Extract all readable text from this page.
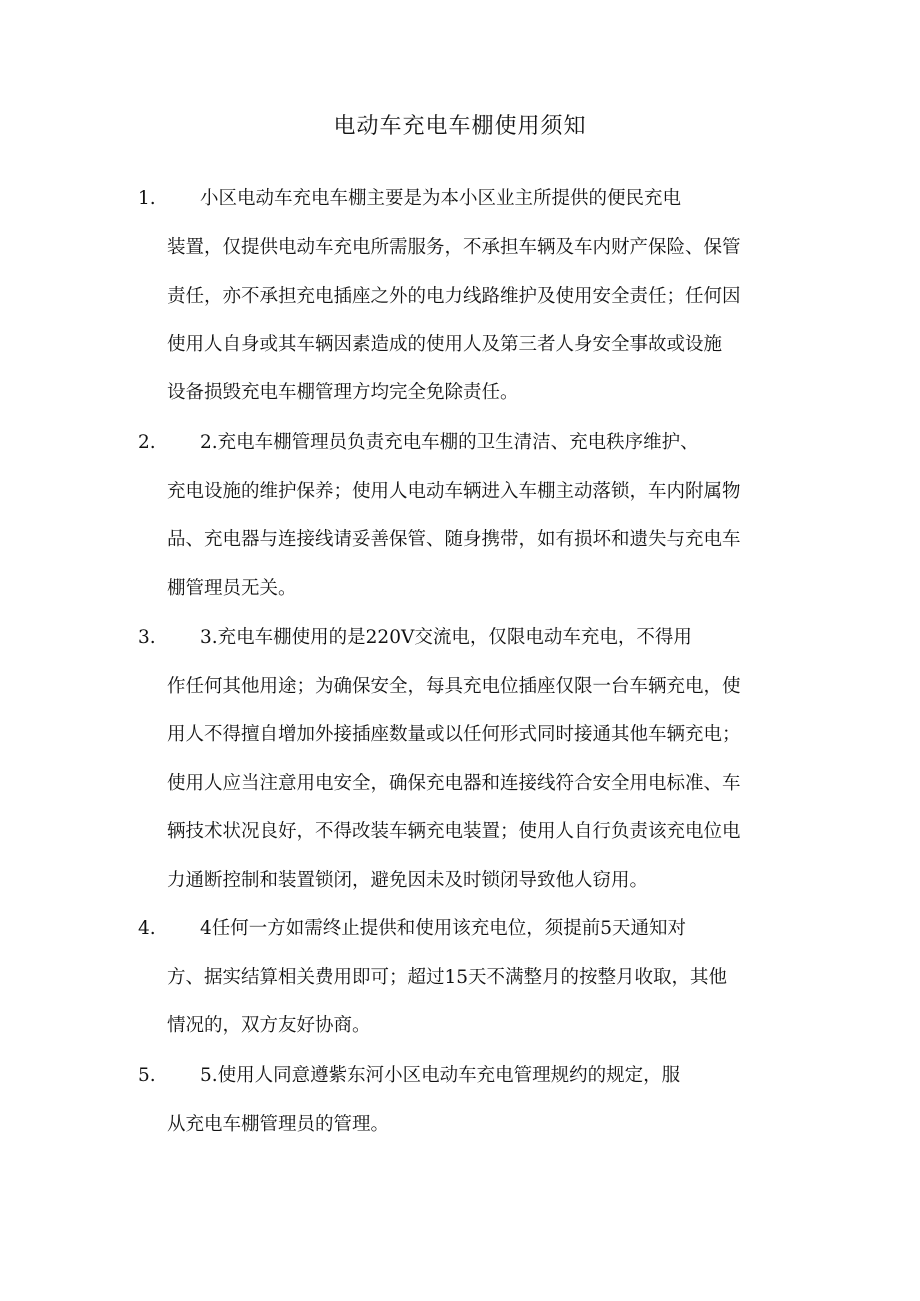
电动车充电车棚使用须知
1. 小区电动车充电车棚主要是为本小区业主所提供的便民充电
装置，仅提供电动车充电所需服务，不承担车辆及车内财产保险、保管
责任，亦不承担充电插座之外的电力线路维护及使用安全责任；任何因
使用人自身或其车辆因素造成的使用人及第三者人身安全事故或设施
设备损毁充电车棚管理方均完全免除责任。
2. 2.充电车棚管理员负责充电车棚的卫生清洁、充电秩序维护、
充电设施的维护保养；使用人电动车辆进入车棚主动落锁，车内附属物
品、充电器与连接线请妥善保管、随身携带，如有损坏和遗失与充电车
棚管理员无关。
3. 3.充电车棚使用的是220V交流电，仅限电动车充电，不得用
作任何其他用途；为确保安全，每具充电位插座仅限一台车辆充电，使
用人不得擅自增加外接插座数量或以任何形式同时接通其他车辆充电；
使用人应当注意用电安全，确保充电器和连接线符合安全用电标准、车
辆技术状况良好，不得改装车辆充电装置；使用人自行负责该充电位电
力通断控制和装置锁闭，避免因未及时锁闭导致他人窃用。
4. 4任何一方如需终止提供和使用该充电位，须提前5天通知对
方、据实结算相关费用即可；超过15天不满整月的按整月收取，其他
情况的，双方友好协商。
5. 5.使用人同意遵紫东河小区电动车充电管理规约的规定，服
从充电车棚管理员的管理。
